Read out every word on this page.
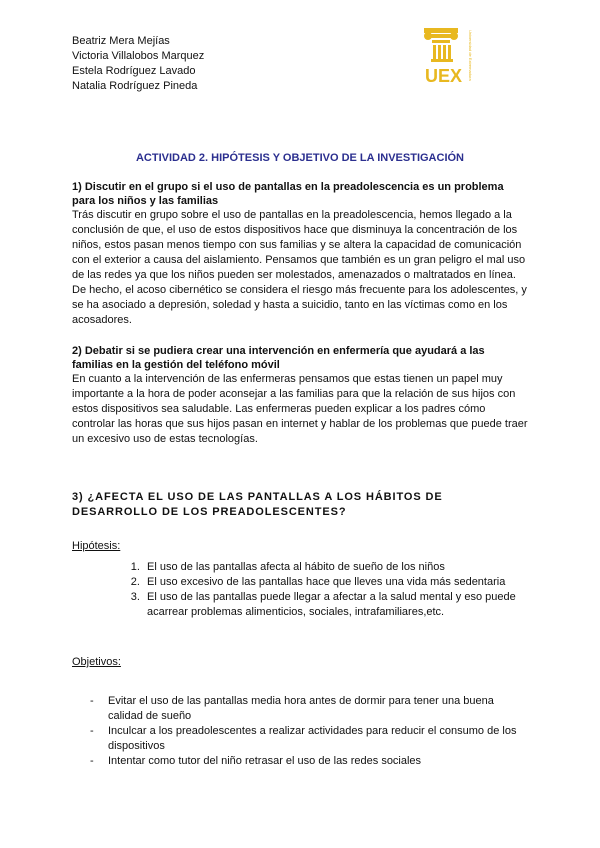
Beatriz Mera Mejías
Victoria Villalobos Marquez
Estela Rodríguez Lavado
Natalia Rodríguez Pineda	UEX Universidad de Extremadura
ACTIVIDAD 2. HIPÓTESIS Y OBJETIVO DE LA INVESTIGACIÓN
1) Discutir en el grupo si el uso de pantallas en la preadolescencia es un problema para los niños y las familias
Trás discutir en grupo sobre el uso de pantallas en la preadolescencia, hemos llegado a la conclusión de que, el uso de estos dispositivos hace que disminuya la concentración de los niños, estos pasan menos tiempo con sus familias y se altera la capacidad de comunicación con el exterior a causa del aislamiento. Pensamos que también es un gran peligro el mal uso de las redes ya que los niños pueden ser molestados, amenazados o maltratados en línea. De hecho, el acoso cibernético se considera el riesgo más frecuente para los adolescentes, y se ha asociado a depresión, soledad y hasta a suicidio, tanto en las víctimas como en los acosadores.
2) Debatir si se pudiera crear una intervención en enfermería que ayudará a las familias en la gestión del teléfono móvil
En cuanto a la intervención de las enfermeras pensamos que estas tienen un papel muy importante a la hora de poder aconsejar a las familias para que la relación de sus hijos con estos dispositivos sea saludable. Las enfermeras pueden explicar a los padres cómo controlar las horas que sus hijos pasan en internet y hablar de los problemas que puede traer un excesivo uso de estas tecnologías.
3) ¿AFECTA EL USO DE LAS PANTALLAS A LOS HÁBITOS DE DESARROLLO DE LOS PREADOLESCENTES?
Hipótesis:
1. El uso de las pantallas afecta al hábito de sueño de los niños
2. El uso excesivo de las pantallas hace que lleves una vida más sedentaria
3. El uso de las pantallas puede llegar a afectar a la salud mental y eso puede acarrear problemas alimenticios, sociales, intrafamiliares,etc.
Objetivos:
- Evitar el uso de las pantallas media hora antes de dormir para tener una buena calidad de sueño
- Inculcar a los preadolescentes a realizar actividades para reducir el consumo de los dispositivos
- Intentar como tutor del niño retrasar el uso de las redes sociales
